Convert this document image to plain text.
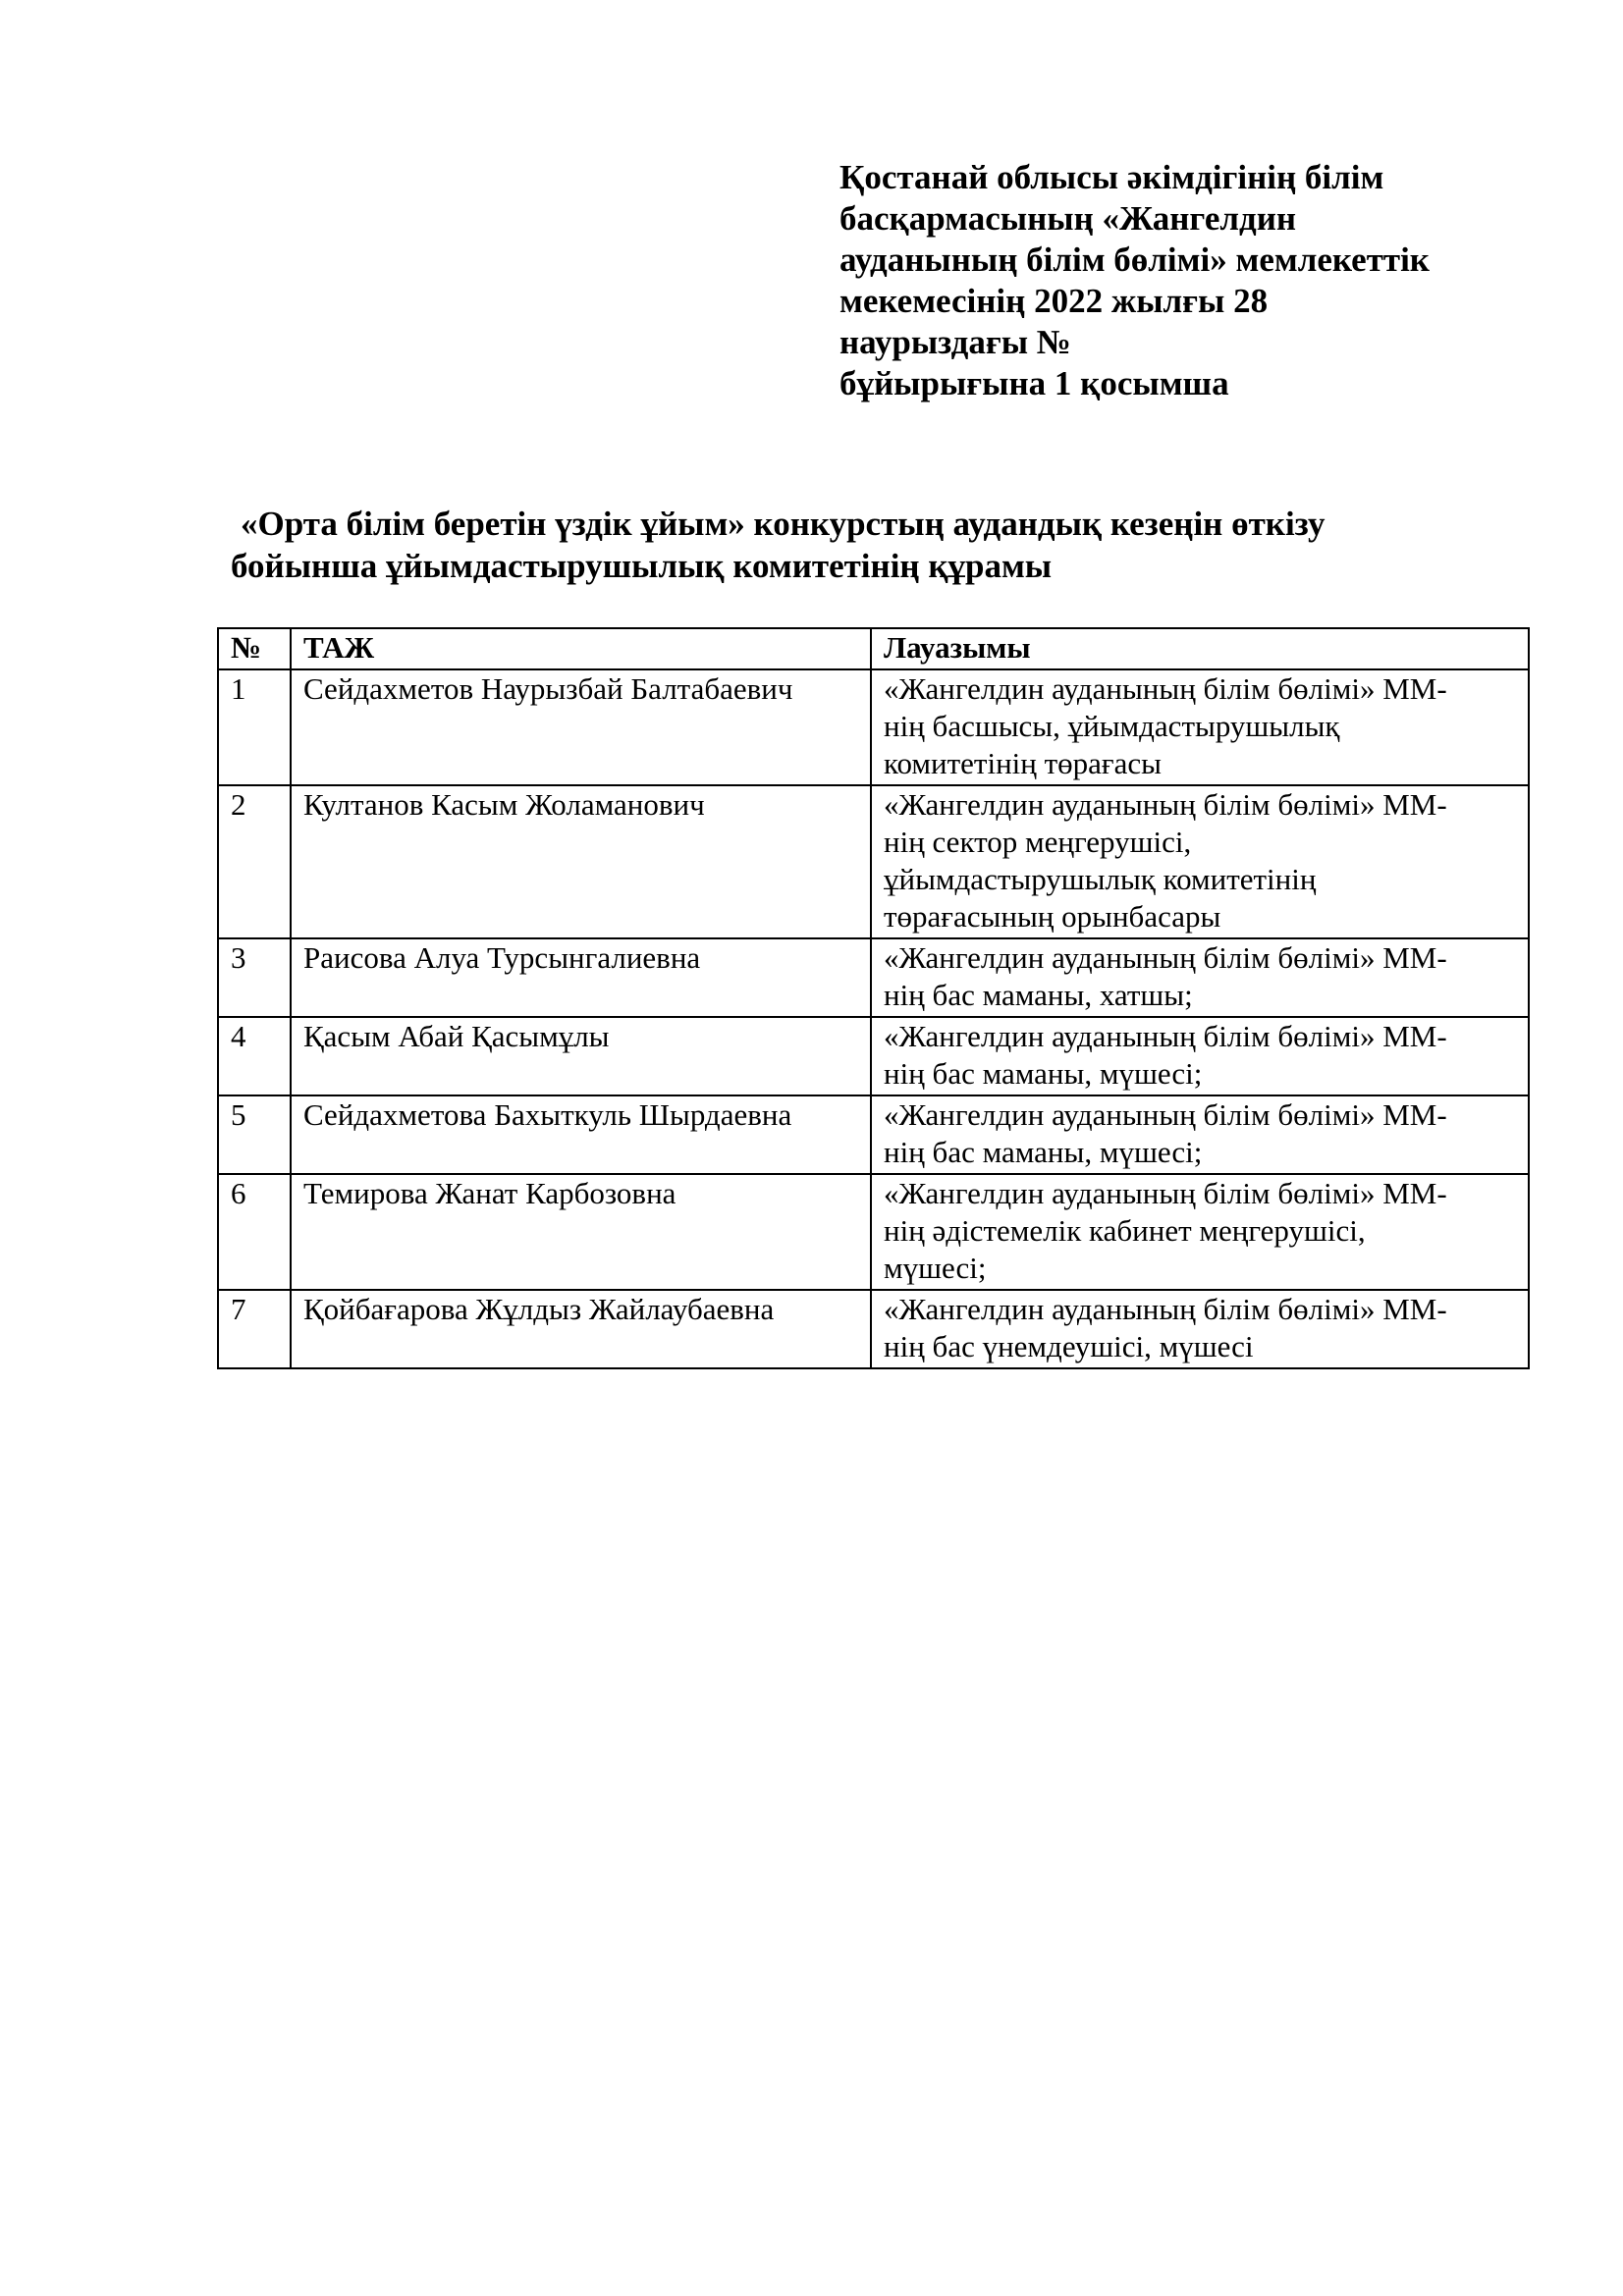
Қостанай облысы әкімдігінің білім
басқармасының «Жангелдин
ауданының білім бөлімі» мемлекеттік
мекемесінің 2022 жылғы 28
наурыздағы №
бұйырығына 1 қосымша
«Орта білім беретін үздік ұйым» конкурстың аудандық кезеңін өткізу
бойынша ұйымдастырушылық комитетінің құрамы
№	ТАЖ	Лауазымы
1	Сейдахметов Наурызбай Балтабаевич	«Жангелдин ауданының білім бөлімі» ММ-
нің басшысы, ұйымдастырушылық
комитетінің төрағасы

2	Култанов Касым Жоламанович	«Жангелдин ауданының білім бөлімі» ММ-
нің сектор меңгерушісі,
ұйымдастырушылық комитетінің
төрағасының орынбасары

3	Раисова Алуа Турсынгалиевна	«Жангелдин ауданының білім бөлімі» ММ-
нің бас маманы, хатшы;

4	Қасым Абай Қасымұлы	«Жангелдин ауданының білім бөлімі» ММ-
нің бас маманы, мүшесі;

5	Сейдахметова Бахыткуль Шырдаевна	«Жангелдин ауданының білім бөлімі» ММ-
нің бас маманы, мүшесі;

6	Темирова Жанат Карбозовна	«Жангелдин ауданының білім бөлімі» ММ-
нің әдістемелік кабинет меңгерушісі,
мүшесі;

7	Қойбағарова Жұлдыз Жайлаубаевна	«Жангелдин ауданының білім бөлімі» ММ-
нің бас үнемдеушісі, мүшесі
